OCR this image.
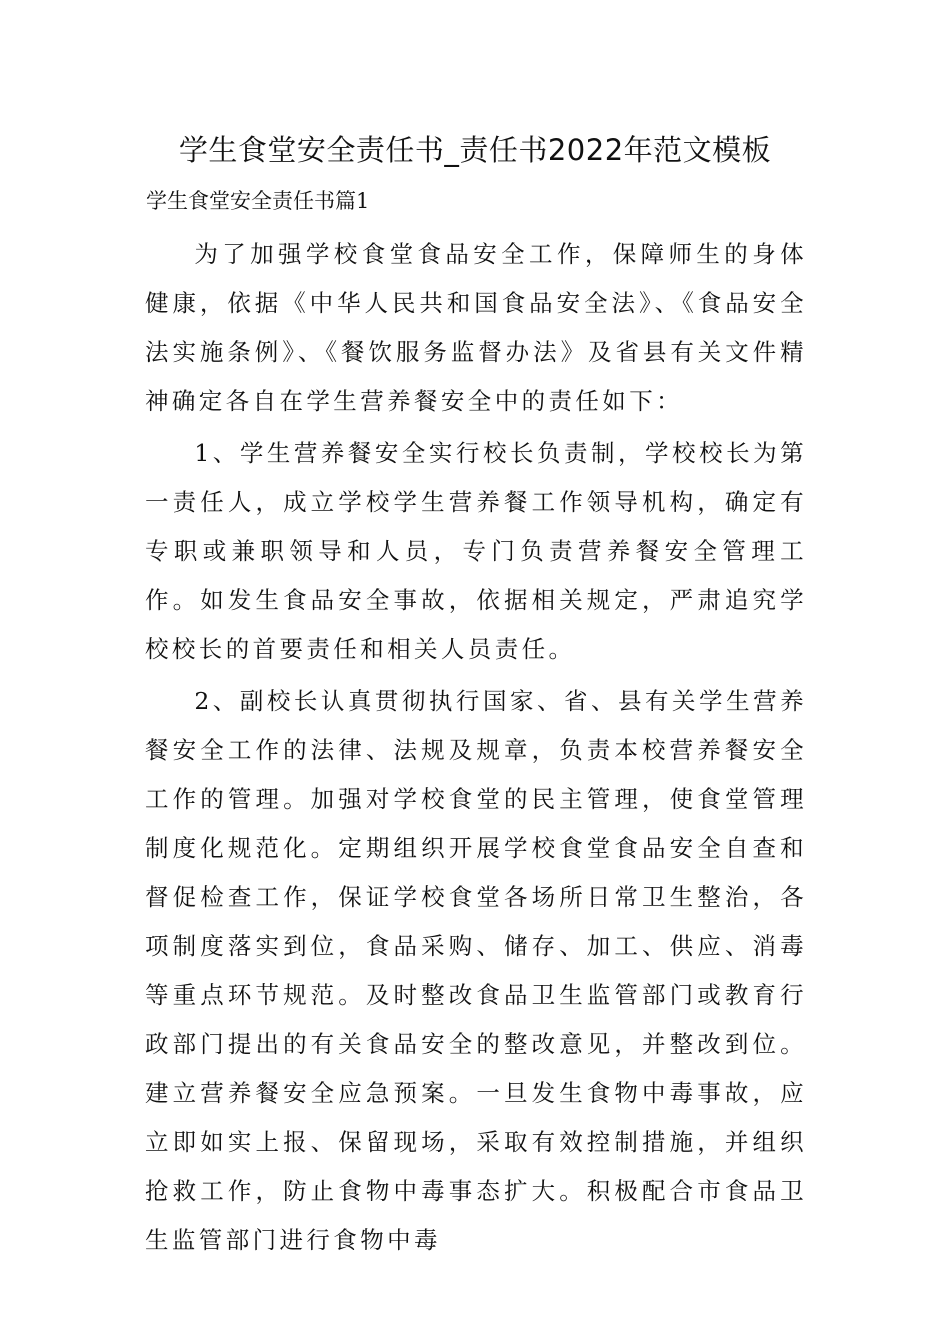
学生食堂安全责任书_责任书2022年范文模板
学生食堂安全责任书篇1

为了加强学校食堂食品安全工作，保障师生的身体健康，依据《中华人民共和国食品安全法》、《食品安全法实施条例》、《餐饮服务监督办法》及省县有关文件精神确定各自在学生营养餐安全中的责任如下：

1、学生营养餐安全实行校长负责制，学校校长为第一责任人，成立学校学生营养餐工作领导机构，确定有专职或兼职领导和人员，专门负责营养餐安全管理工作。如发生食品安全事故，依据相关规定，严肃追究学校校长的首要责任和相关人员责任。

2、副校长认真贯彻执行国家、省、县有关学生营养餐安全工作的法律、法规及规章，负责本校营养餐安全工作的管理。加强对学校食堂的民主管理，使食堂管理制度化规范化。定期组织开展学校食堂食品安全自查和督促检查工作，保证学校食堂各场所日常卫生整治，各项制度落实到位，食品采购、储存、加工、供应、消毒等重点环节规范。及时整改食品卫生监管部门或教育行政部门提出的有关食品安全的整改意见，并整改到位。建立营养餐安全应急预案。一旦发生食物中毒事故，应立即如实上报、保留现场，采取有效控制措施，并组织抢救工作，防止食物中毒事态扩大。积极配合市食品卫生监管部门进行食物中毒
